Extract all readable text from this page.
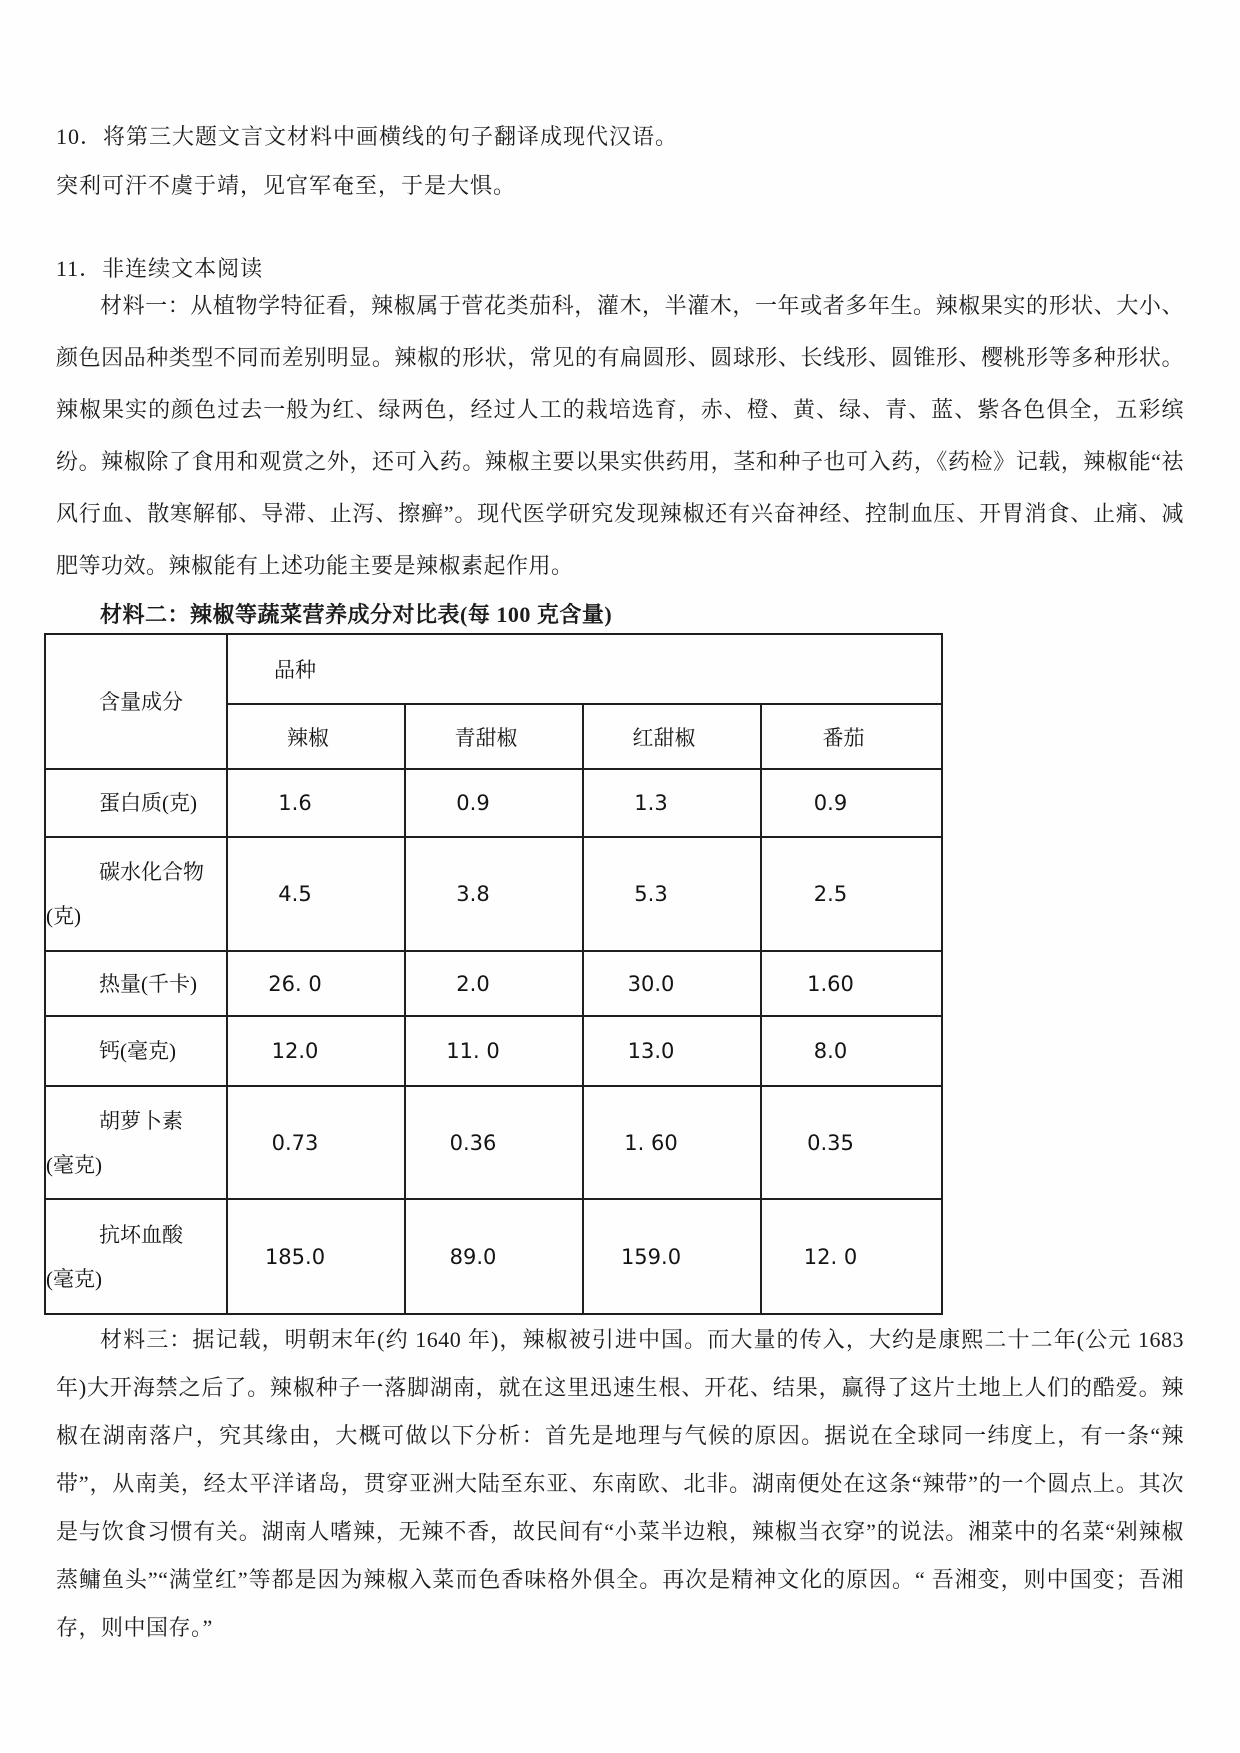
10．将第三大题文言文材料中画横线的句子翻译成现代汉语。
突利可汗不虞于靖，见官军奄至，于是大惧。
11．非连续文本阅读
材料一：从植物学特征看，辣椒属于菅花类茄科，灌木，半灌木，一年或者多年生。辣椒果实的形状、大小、颜色因品种类型不同而差别明显。辣椒的形状，常见的有扁圆形、圆球形、长线形、圆锥形、樱桃形等多种形状。辣椒果实的颜色过去一般为红、绿两色，经过人工的栽培选育，赤、橙、黄、绿、青、蓝、紫各色俱全，五彩缤纷。辣椒除了食用和观赏之外，还可入药。辣椒主要以果实供药用，茎和种子也可入药，《药检》记载，辣椒能“祛风行血、散寒解郁、导滞、止泻、擦癣”。现代医学研究发现辣椒还有兴奋神经、控制血压、开胃消食、止痛、减肥等功效。辣椒能有上述功能主要是辣椒素起作用。
材料二：辣椒等蔬菜营养成分对比表(每 100 克含量)
含量成分	品种			
	辣椒	青甜椒	红甜椒	番茄

蛋白质(克)	1.6	0.9	1.3	0.9

碳水化合物
(克)	4.5	3.8	5.3	2.5

热量(千卡)	26. 0	2.0	30.0	1.60

钙(毫克)	12.0	11. 0	13.0	8.0

胡萝卜素
(毫克)	0.73	0.36	1. 60	0.35

抗坏血酸
(毫克)	185.0	89.0	159.0	12. 0
材料三：据记载，明朝末年(约 1640 年)，辣椒被引进中国。而大量的传入，大约是康熙二十二年(公元 1683 年)大开海禁之后了。辣椒种子一落脚湖南，就在这里迅速生根、开花、结果，赢得了这片土地上人们的酷爱。辣椒在湖南落户，究其缘由，大概可做以下分析：首先是地理与气候的原因。据说在全球同一纬度上，有一条“辣带”，从南美，经太平洋诸岛，贯穿亚洲大陆至东亚、东南欧、北非。湖南便处在这条“辣带”的一个圆点上。其次是与饮食习惯有关。湖南人嗜辣，无辣不香，故民间有“小菜半边粮，辣椒当衣穿”的说法。湘菜中的名菜“剁辣椒蒸鳙鱼头”“满堂红”等都是因为辣椒入菜而色香味格外俱全。再次是精神文化的原因。“ 吾湘变，则中国变；吾湘存，则中国存。”
